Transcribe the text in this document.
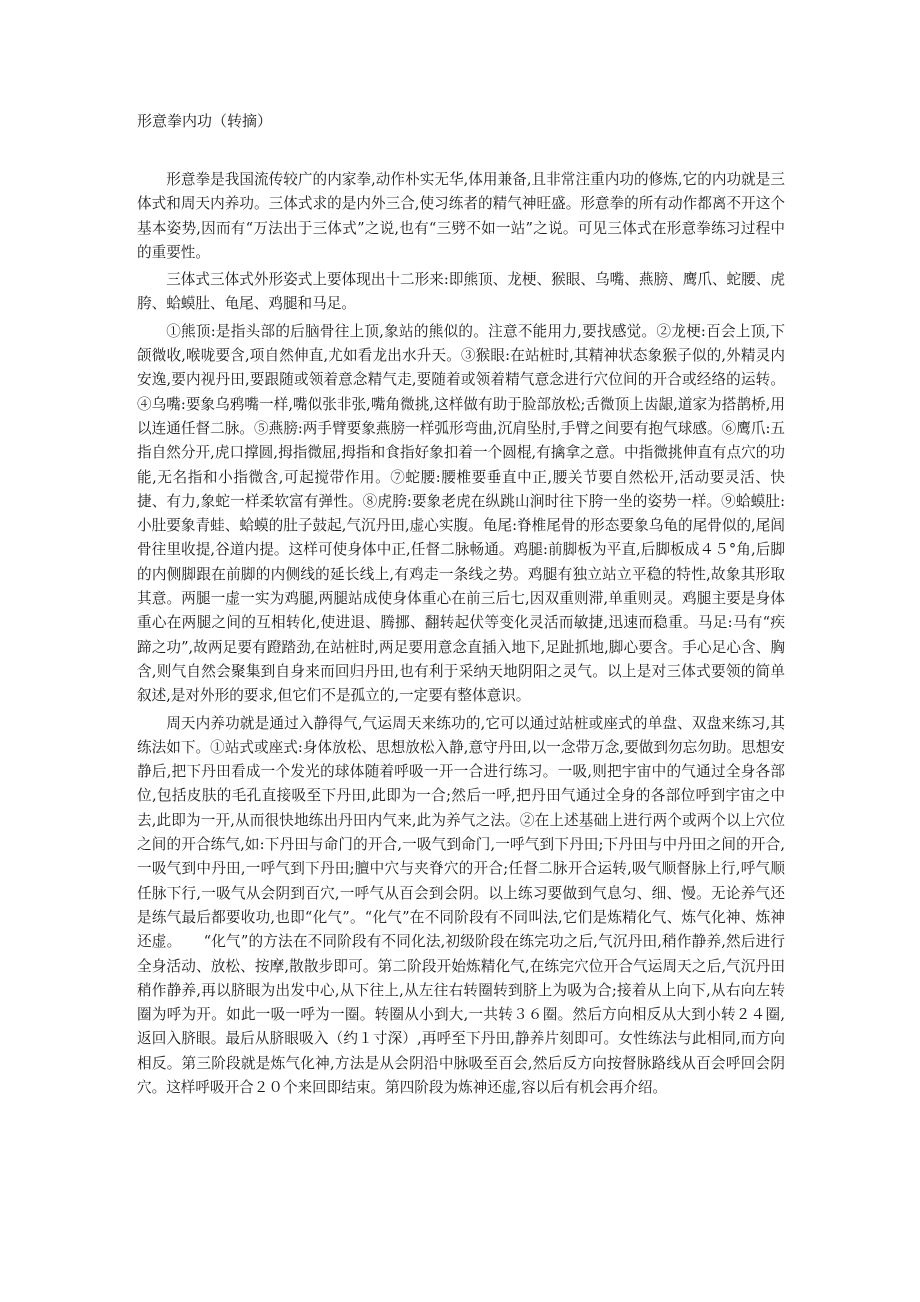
形意拳内功（转摘）

形意拳是我国流传较广的内家拳,动作朴实无华,体用兼备,且非常注重内功的修炼,它的内功就是三体式和周天内养功。三体式求的是内外三合,使习练者的精气神旺盛。形意拳的所有动作都离不开这个基本姿势,因而有“万法出于三体式”之说,也有“三劈不如一站”之说。可见三体式在形意拳练习过程中的重要性。

三体式三体式外形姿式上要体现出十二形来:即熊顶、龙梗、猴眼、乌嘴、燕膀、鹰爪、蛇腰、虎胯、蛤蟆肚、龟尾、鸡腿和马足。

①熊顶:是指头部的后脑骨往上顶,象站的熊似的。注意不能用力,要找感觉。②龙梗:百会上顶,下颌微收,喉咙要含,项自然伸直,尤如看龙出水升天。③猴眼:在站桩时,其精神状态象猴子似的,外精灵内安逸,要内视丹田,要跟随或领着意念精气走,要随着或领着精气意念进行穴位间的开合或经络的运转。④乌嘴:要象乌鸦嘴一样,嘴似张非张,嘴角微挑,这样做有助于脸部放松;舌微顶上齿龈,道家为搭鹊桥,用以连通任督二脉。⑤燕膀:两手臂要象燕膀一样弧形弯曲,沉肩坠肘,手臂之间要有抱气球感。⑥鹰爪:五指自然分开,虎口撑圆,拇指微屈,拇指和食指好象扣着一个圆棍,有擒拿之意。中指微挑伸直有点穴的功能,无名指和小指微含,可起搅带作用。⑦蛇腰:腰椎要垂直中正,腰关节要自然松开,活动要灵活、快捷、有力,象蛇一样柔软富有弹性。⑧虎胯:要象老虎在纵跳山涧时往下胯一坐的姿势一样。⑨蛤蟆肚:小肚要象青蛙、蛤蟆的肚子鼓起,气沉丹田,虚心实腹。龟尾:脊椎尾骨的形态要象乌龟的尾骨似的,尾闾骨往里收提,谷道内提。这样可使身体中正,任督二脉畅通。鸡腿:前脚板为平直,后脚板成４５°角,后脚的内侧脚跟在前脚的内侧线的延长线上,有鸡走一条线之势。鸡腿有独立站立平稳的特性,故象其形取其意。两腿一虚一实为鸡腿,两腿站成使身体重心在前三后七,因双重则滞,单重则灵。鸡腿主要是身体重心在两腿之间的互相转化,使进退、腾挪、翻转起伏等变化灵活而敏捷,迅速而稳重。马足:马有“疾蹄之功”,故两足要有蹬踏劲,在站桩时,两足要用意念直插入地下,足趾抓地,脚心要含。手心足心含、胸含,则气自然会聚集到自身来而回归丹田,也有利于采纳天地阴阳之灵气。以上是对三体式要领的简单叙述,是对外形的要求,但它们不是孤立的,一定要有整体意识。

周天内养功就是通过入静得气,气运周天来练功的,它可以通过站桩或座式的单盘、双盘来练习,其练法如下。①站式或座式:身体放松、思想放松入静,意守丹田,以一念带万念,要做到勿忘勿助。思想安静后,把下丹田看成一个发光的球体随着呼吸一开一合进行练习。一吸,则把宇宙中的气通过全身各部位,包括皮肤的毛孔直接吸至下丹田,此即为一合;然后一呼,把丹田气通过全身的各部位呼到宇宙之中去,此即为一开,从而很快地练出丹田内气来,此为养气之法。②在上述基础上进行两个或两个以上穴位之间的开合练气,如:下丹田与命门的开合,一吸气到命门,一呼气到下丹田;下丹田与中丹田之间的开合,一吸气到中丹田,一呼气到下丹田;膻中穴与夹脊穴的开合;任督二脉开合运转,吸气顺督脉上行,呼气顺任脉下行,一吸气从会阴到百穴,一呼气从百会到会阴。以上练习要做到气息匀、细、慢。无论养气还是练气最后都要收功,也即“化气”。“化气”在不同阶段有不同叫法,它们是炼精化气、炼气化神、炼神还虚。　　“化气”的方法在不同阶段有不同化法,初级阶段在练完功之后,气沉丹田,稍作静养,然后进行全身活动、放松、按摩,散散步即可。第二阶段开始炼精化气,在练完穴位开合气运周天之后,气沉丹田稍作静养,再以脐眼为出发中心,从下往上,从左往右转圈转到脐上为吸为合;接着从上向下,从右向左转圈为呼为开。如此一吸一呼为一圈。转圈从小到大,一共转３６圈。然后方向相反从大到小转２４圈,返回入脐眼。最后从脐眼吸入（约１寸深）,再呼至下丹田,静养片刻即可。女性练法与此相同,而方向相反。第三阶段就是炼气化神,方法是从会阴沿中脉吸至百会,然后反方向按督脉路线从百会呼回会阴穴。这样呼吸开合２０个来回即结束。第四阶段为炼神还虚,容以后有机会再介绍。
